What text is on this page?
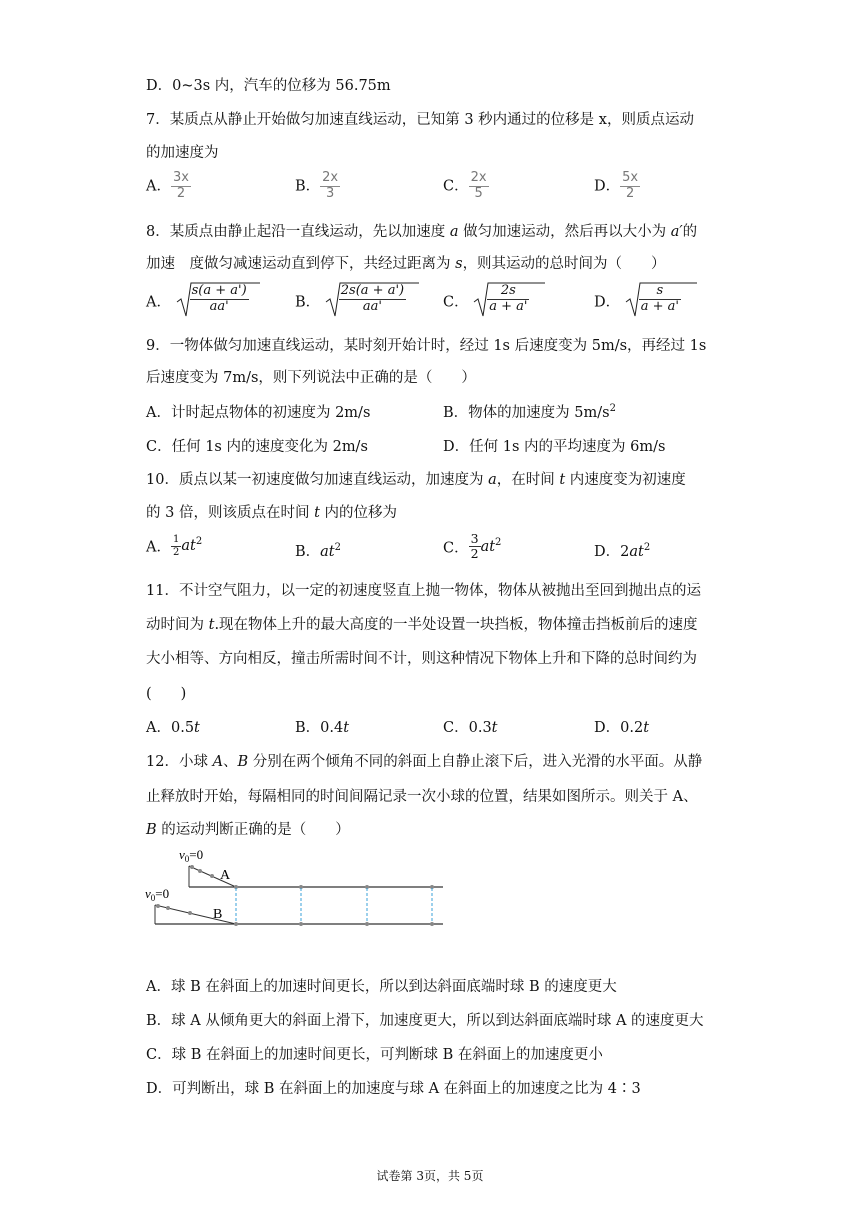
D．0~3s 内，汽车的位移为 56.75m
7．某质点从静止开始做匀加速直线运动，已知第 3 秒内通过的位移是 x，则质点运动
的加速度为
A． $\frac{3x}{2}$	B． $\frac{2x}{3}$	C． $\frac{2x}{5}$	D． $\frac{5x}{2}$
8．某质点由静止起沿一直线运动，先以加速度 a 做匀加速运动，然后再以大小为 a′的
加速　度做匀减速运动直到停下，共经过距离为 s，则其运动的总时间为（　　）
A． $\frac{s(a + a')}{aa'}$	B． $\frac{2s(a + a')}{aa'}$	C． $\frac{2s}{a + a'}$	D． $\frac{s}{a + a'}$
9．一物体做匀加速直线运动，某时刻开始计时，经过 1s 后速度变为 5m/s，再经过 1s
后速度变为 7m/s，则下列说法中正确的是（　　）
A．计时起点物体的初速度为 2m/s	B．物体的加速度为 $5m/s^2$
C．任何 1s 内的速度变化为 2m/s	D．任何 1s 内的平均速度为 6m/s
10．质点以某一初速度做匀加速直线运动，加速度为 a，在时间 t 内速度变为初速度
的 3 倍，则该质点在时间 t 内的位移为
A． $\frac{1}{2} at^2$
B．$at^2$	C． $\frac{3}{2} at^2$
D．$2at^2$
11．不计空气阻力，以一定的初速度竖直上抛一物体，物体从被抛出至回到抛出点的运
动时间为 t.现在物体上升的最大高度的一半处设置一块挡板，物体撞击挡板前后的速度
大小相等、方向相反，撞击所需时间不计，则这种情况下物体上升和下降的总时间约为
(　　)
A．0.5t	B．0.4t	C．0.3t	D．0.2t
12．小球 A、B 分别在两个倾角不同的斜面上自静止滚下后，进入光滑的水平面。从静
止释放时开始，每隔相同的时间间隔记录一次小球的位置，结果如图所示。则关于 A、
B 的运动判断正确的是（　　）
$v_0=0$
A
$v_0=0$
B
A．球 B 在斜面上的加速时间更长，所以到达斜面底端时球 B 的速度更大
B．球 A 从倾角更大的斜面上滑下，加速度更大，所以到达斜面底端时球 A 的速度更大
C．球 B 在斜面上的加速时间更长，可判断球 B 在斜面上的加速度更小
D．可判断出，球 B 在斜面上的加速度与球 A 在斜面上的加速度之比为 4∶3
试卷第 3页，共 5页
